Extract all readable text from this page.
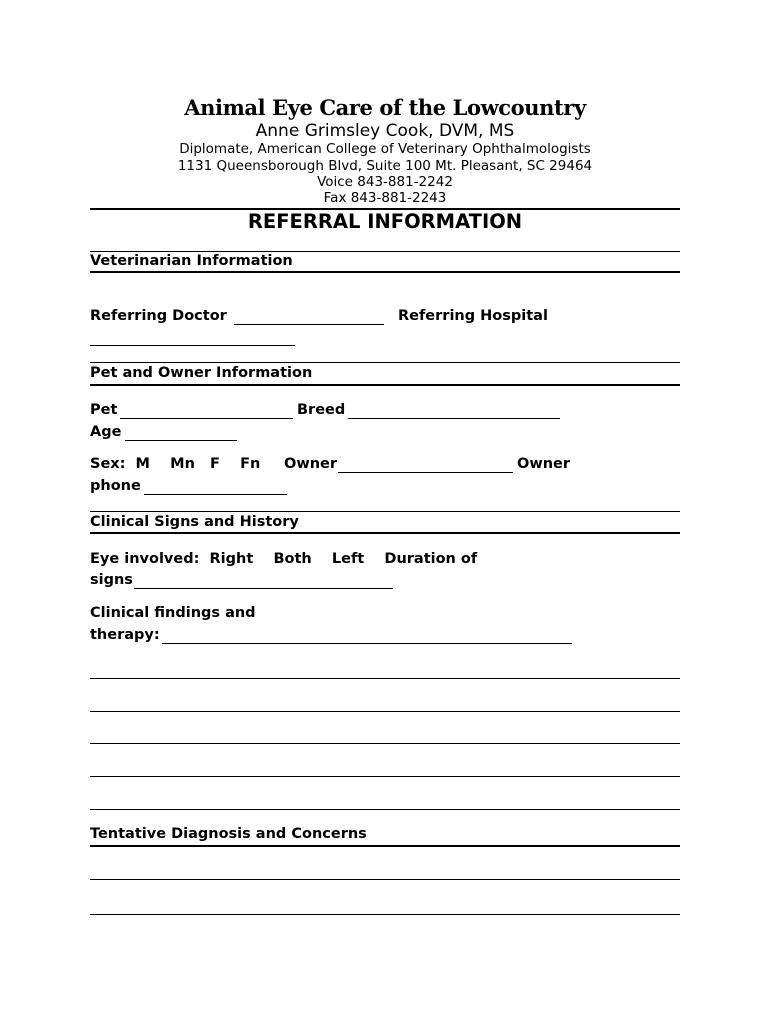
Animal Eye Care of the Lowcountry
Anne Grimsley Cook, DVM, MS
Diplomate, American College of Veterinary Ophthalmologists
1131 Queensborough Blvd, Suite 100 Mt. Pleasant, SC 29464
Voice 843-881-2242
Fax 843-881-2243
REFERRAL INFORMATION
Veterinarian Information
Referring Doctor	Referring Hospital
Pet and Owner Information
Pet	Breed
Age
Sex:  M    Mn   F    Fn Owner	Owner
phone
Clinical Signs and History
Eye involved:  Right    Both    Left    Duration of
signs
Clinical findings and
therapy:
Tentative Diagnosis and Concerns
